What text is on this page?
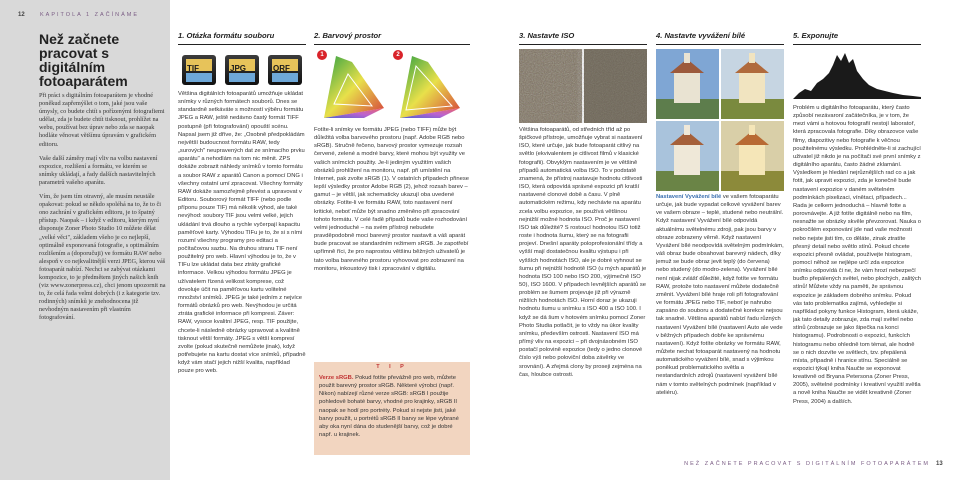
12	KAPITOLA 1 ZAČÍNÁME
NEŽ ZAČNETE PRACOVAT S DIGITÁLNÍM FOTOAPARÁTEM 13
Než začnete pracovat s digitálním fotoaparátem

Při práci s digitálním fotoaparátem je vhodné poněkud zapřemýšlet o tom, jaké jsou vaše úmysly, co budete chtít s pořízenými fotografiemi udělat, zda je budete chtít tisknout, prohlížet na webu, používat bez úprav nebo zda se naopak hodláte věnovat většímu úpravám v grafickém editoru.

Vaše další záměry mají vliv na volbu nastavení expozice, rozlišení a formátu, ve kterém se snímky ukládají, a řady dalších nastavitelných parametrů vašeho aparátu.

Vím, že jsem tím otravný, ale musím neustále opakovat: pokud se někdo spoléhá na to, že to či ono zachrání v grafickém editoru, je to špatný přístup. Naopak – i když v editoru, kterým nyní disponuje Zoner Photo Studio 10 můžete dělat „velké věci", základem všeho je co nejlepší, optimálně exponovaná fotografie, s optimálním rozlišením a (doporučuji) ve formátu RAW nebo alespoň v co nejkvalitnější verzi JPEG, kterou váš fotoaparát nabízí. Nechci se zabývat otázkami kompozice, to je předmětem jiných našich knih (viz www.zonerpress.cz), chci jenom upozornit na to, že celá řada velmi dobrých (i z kategorie tzv. rodinných) snímků je znehodnocena již nevhodným nastavením při vlastním fotografování.

1. Otázka formátu souboru
TIF	JPG	ORF
Většina digitálních fotoaparátů umožňuje ukládat snímky v různých formátech souborů. Dnes se standardně setkáváte s možností výběru formátu JPEG a RAW, ještě nedávno častý formát TIFF postupně (při fotografování) opouští scénu. Napsal jsem již dříve, že: „Osobně předpokládám největší budoucnost formátu RAW, tedy „surových" neupravených dat ze snímacího prvku aparátu" a nehodlám na tom nic měnit. ZPS dokáže zobrazit náhledy snímků v tomto formátu a soubor RAW z aparátů Canon a pomocí DNG i všechny ostatní umí zpracovat. Všechny formáty RAW dokáže samozřejmě převést a upravovat v Editoru. Souborový formát TIFF (nebo podle příponu pouze TIF) má několik výhod, ale také nevýhod: soubory TIF jsou velmi velké, jejich ukládání trvá dlouho a rychle vyčerpají kapacitu paměťové karty. Výhodou TIFu je to, že si s ními rozumí všechny programy pro editaci a počítačovou sazbu. Na druhou stranu TIF není použitelný pro web. Hlavní výhodou je to, že v TIFu lze ukládat data bez ztráty grafické informace. Velkou výhodou formátu JPEG je užívatelem řízená velikost komprese, což dovoluje účit na paměťovou kartu volitelné množství snímků. JPEG je také jedním z nejvíce formátů obrázků pro web. Nevýhodou je určitá ztráta grafické informace při kompresi. Záver: RAW, vysoce kvalitní JPEG, resp. TIF použijte, chcete-li následně obrázky upravovat a kvalitně tisknout větší formáty. JPEG s větší kompresí zvolte (pokud skutečně nemůžete jinak), když potřebujete na kartu dostat více snímků, případně když vám stačí jejich nižší kvalita, například pouze pro web.
2. Barvový prostor
1	2
Fotíte-li snímky ve formátu JPEG (nebo TIFF) může být důležitá volba barvového prostoru (např. Adobe RGB nebo sRGB). Stručně řečeno, barvový prostor vymezuje rozsah červené, zelené a modré barvy, které mohou být využity ve vašich snímcích použity. Je-li jediným využitím vašich obrázků prohlížení na monitoru, např. při umístění na Internet, pak zvolte sRGB (1). V ostatních případech přinese lepší výsledky prostor Adobe RGB (2), jehož rozsah barev – gamut – je větší, jak schematicky ukazují oba uvedené obrázky. Fotíte-li ve formátu RAW, toto nastavení není kritické, neboť může být snadno změněno při zpracování tohoto formátu. V celé řadě případů bude vaše rozhodování velmi jednoduché – na svém přístroji nebudete pravděpodobně moci barevný prostor nastavit a váš aparát bude pracovat se standardním režimem sRGB. Je zapotřebí upřímně říci, že pro naprostou většinu běžných uživatelů je tato volba barevného prostoru vyhovovat pro zobrazení na monitoru, inkoustový tisk i zpracování v digitálu.
T I P
Verze sRGB. Pokud fotíte převážně pro web, můžete použít barevný prostor sRGB. Některé výrobci (např. Nikon) nabízejí různé verze sRGB: sRGB I použije pohledově bohaté barvy, vhodné pro krajinky, sRGB II naopak se hodí pro portréty. Pokud si nejste jisti, jaké barvy použít, u portrétů sRGB II barvy se lépe vybrané aby oka nyní dána do studenější barvy, což je dobré např. u krajinek.
3. Nastavte ISO
Většina fotoaparátů, od středních tříd až po špičkové přístroje, umožňuje vybrat si nastavení ISO, které určuje, jak bude fotoaparát citlivý na světlo (ekvivalentem je citlivost filmů v klasické fotografii). Obvyklým nastavením je ve většině případů automatická volba ISO. To v podstatě znamená, že přístroj nastavuje hodnotu citlivosti ISO, která odpovídá správné expozici při kratší nastavené clonové době a času. V plně automatickém režimu, kdy nechávte na aparátu zcela volbu expozice, se používá většinou nejnižší možné hodnota ISO. Proč je nastavení ISO tak důležité? S rostoucí hodnotou ISO totiž roste i hodnota šumu, který se na fotografii projeví. Dnešní aparáty poloprofesionální třídy a vyšší mají dostatečnou kvalitu výstupu i při vyšších hodnotách ISO, ale je dobré vyhnout se šumu při nejnižší hodnotě ISO (u mých aparátů je hodnota ISO 100 nebo ISO 200, výjimečně ISO 50), ISO 1600. V případech levnějších aparátů se problém se šumem projevuje již při výrazně nižších hodnotách ISO. Horní doraz je ukazuji hodnotu šumu u snímku s ISO 400 a ISO 100. I když se dá šum v hotovém snímku pomocí Zoner Photo Studia potlačit, je to vždy na úkor kvality snímku, především ostrosti. Nastavení ISO má přímý vliv na expozici – při dvojnásobném ISO postačí polovině expozice (tedy o jedno clonové číslo výš nebo poloviční doba závěrky ve srovnání). A zřejmá clony by proseji zejména na čas, hloubce ostrosti.
4. Nastavte vyvážení bílé
Nastavení Vyvážení bílé ve vašem fotoaparátu určuje, jak bude vypadat celkové vyvážení barev ve vašem obraze – teplé, studené nebo neutrální. Když nastavení Vyvážení bílé odpovídá aktuálnímu světelnému zdroji, pak jsou barvy v obraze zobrazeny věrně. Když nastavení Vyvážení bílé neodpovídá světelným podmínkám, váš obraz bude obsahovat barevný nádech, díky jemuž se bude obraz jevit teplý (do červena) nebo studený (do modro-zelena). Vyvážení bílé není nijak zvlášť důležité, když fotíte ve formátu RAW, protože toto nastavení můžete dodatečně změnit. Vyvážení bílé hraje roli při fotografování ve formátu JPEG nebo TIF, neboť je nahrubo zapsáno do souboru a dodatečné korekce nejsou tak snadné. Většina aparátů nabízí řadu různých nastavení Vyvážení bílé (nastavení Auto ale vede v běžných případech dobře ke správnému nastavení). Když fotíte obrázky ve formátu RAW, můžete nechat fotoaparát nastavený na hodnotu automatického vyvážení bílé, snad s výjimkou poněkud problematického světla a nestandardních zdrojů (nastavení vyvážení bílé nám v tomto světelných podmínek (například v ateliéru).
5. Exponujte
Problém u digitálního fotoaparátu, který často způsobí nezávaroní začátečníka, je v tom, že mezi vámi a hotovou fotografií nestojí laboratoř, která zpracovala fotografie. Díky obrazovce vaše filmy, diapozitivy nebo fotografie k věčnou použitelnému výsledku. Prohlédněte-li si zachující uživatel již nikdo je na počítači své první snímky z digitálního aparátu, často žádné zklamání. Výsledkem je hledání nejrůznějších rad co a jak fotit, jak upravit expozici, zda je konečně bude nastavení expozice v daném světelném podmínkách pixelizaci, vínětaci, případech... Rada je celkem jednoduchá – hlavně fotte a porovnávejte. A již fotíte digitálně nebo na film, nesnažte se obrázky skvěle převzorovat. Nauka o pokročilém exponování jde nad vaše možnosti nebo nejste jisti tím, co děláte, zinak ztratíte přesný detail nebo světlo stínů. Pokud chcete expozici přesně ovládat, používejte histogram, pomocí něhož se nejlépe určí zda expozice snímku odpovídá či ne, že vám hrozí nebezpečí buďto přepálených světel, nebo plochých, zalitých stínů! Můžete vždy na paměti, že správnou expozice je základem dobrého snímku. Pokud vás tato problematika zajímá, vyhledejte si například pokyny funkce Histogram, která ukáže, jak tato detaily zobrazuje, zda mají světel nebo stínů (zobrazuje se jako šipečka na konci histogramu). Podrobnosti o expozici, funkcích histogramu nebo ohledně tom témat, ale hodně se o nich dozvíte ve světlech, tzv. přepálená místa, případně i hranice stínu. Speciálně se expozici týkají kniha Naučte se exponovat kreativně od Bryana Petersona (Zoner Press, 2005), světelné podmínky i kreativní využití světla a nově kniha Naučte se vidět kreativně (Zoner Press, 2004) a dalších.
